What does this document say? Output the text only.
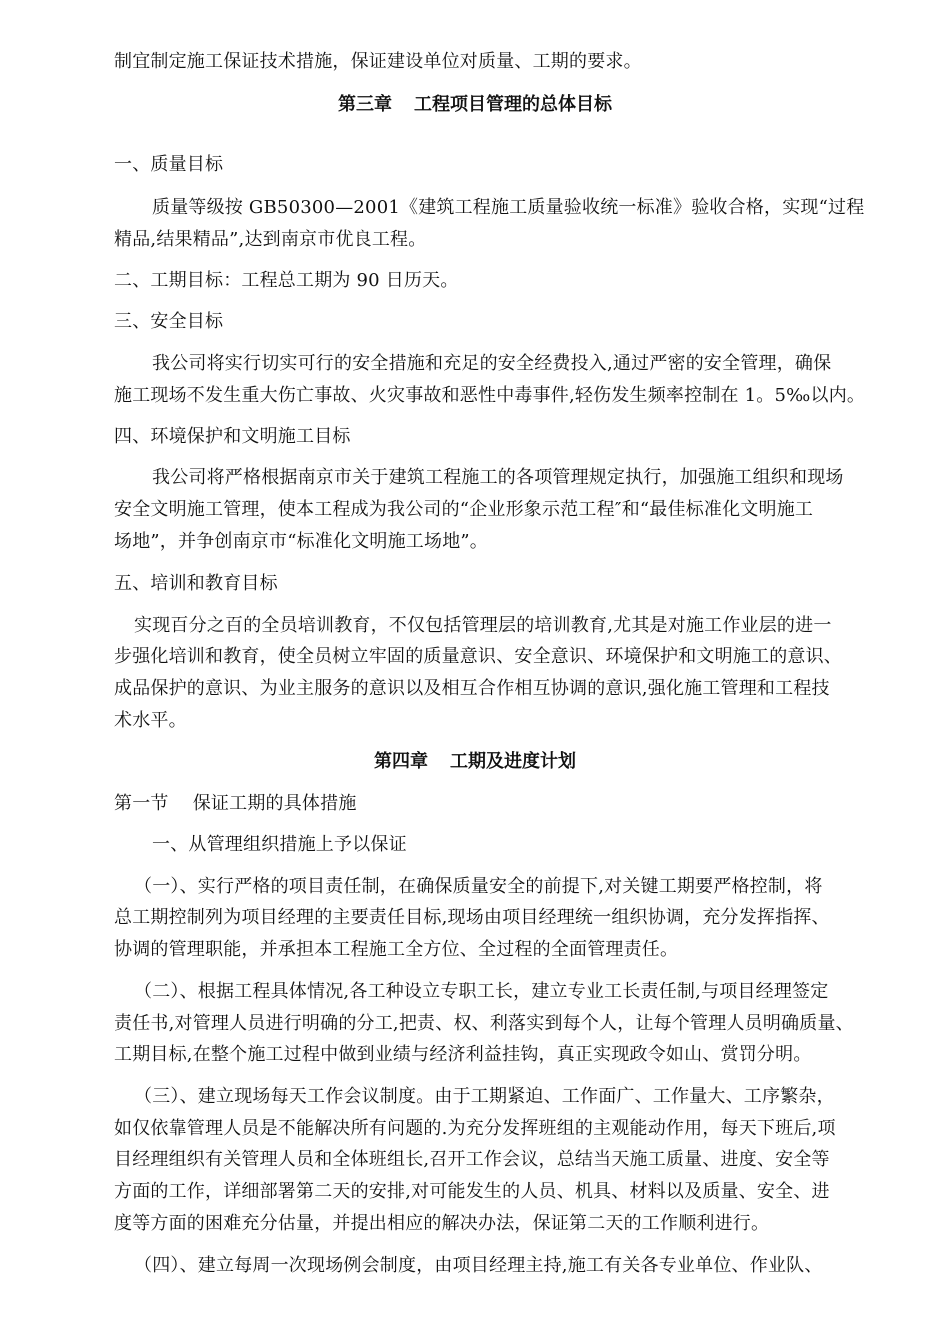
制宜制定施工保证技术措施，保证建设单位对质量、工期的要求。
第三章 工程项目管理的总体目标
一、质量目标
质量等级按 GB50300—2001《建筑工程施工质量验收统一标准》验收合格，实现“过程
精品,结果精品”,达到南京市优良工程。
二、工期目标：工程总工期为 90 日历天。
三、安全目标
我公司将实行切实可行的安全措施和充足的安全经费投入,通过严密的安全管理，确保
施工现场不发生重大伤亡事故、火灾事故和恶性中毒事件,轻伤发生频率控制在 1。5‰以内。
四、环境保护和文明施工目标
我公司将严格根据南京市关于建筑工程施工的各项管理规定执行，加强施工组织和现场
安全文明施工管理，使本工程成为我公司的“企业形象示范工程″和“最佳标准化文明施工
场地”，并争创南京市“标准化文明施工场地”。
五、培训和教育目标
实现百分之百的全员培训教育，不仅包括管理层的培训教育,尤其是对施工作业层的进一
步强化培训和教育，使全员树立牢固的质量意识、安全意识、环境保护和文明施工的意识、
成品保护的意识、为业主服务的意识以及相互合作相互协调的意识,强化施工管理和工程技
术水平。
第四章 工期及进度计划
第一节　 保证工期的具体措施
一、从管理组织措施上予以保证
（一）、实行严格的项目责任制，在确保质量安全的前提下,对关键工期要严格控制，将
总工期控制列为项目经理的主要责任目标,现场由项目经理统一组织协调，充分发挥指挥、
协调的管理职能，并承担本工程施工全方位、全过程的全面管理责任。
（二）、根据工程具体情况,各工种设立专职工长，建立专业工长责任制,与项目经理签定
责任书,对管理人员进行明确的分工,把责、权、利落实到每个人，让每个管理人员明确质量、
工期目标,在整个施工过程中做到业绩与经济利益挂钩，真正实现政令如山、赏罚分明。
（三）、建立现场每天工作会议制度。由于工期紧迫、工作面广、工作量大、工序繁杂，
如仅依靠管理人员是不能解决所有问题的.为充分发挥班组的主观能动作用，每天下班后,项
目经理组织有关管理人员和全体班组长,召开工作会议，总结当天施工质量、进度、安全等
方面的工作，详细部署第二天的安排,对可能发生的人员、机具、材料以及质量、安全、进
度等方面的困难充分估量，并提出相应的解决办法，保证第二天的工作顺利进行。
（四）、建立每周一次现场例会制度，由项目经理主持,施工有关各专业单位、作业队、
